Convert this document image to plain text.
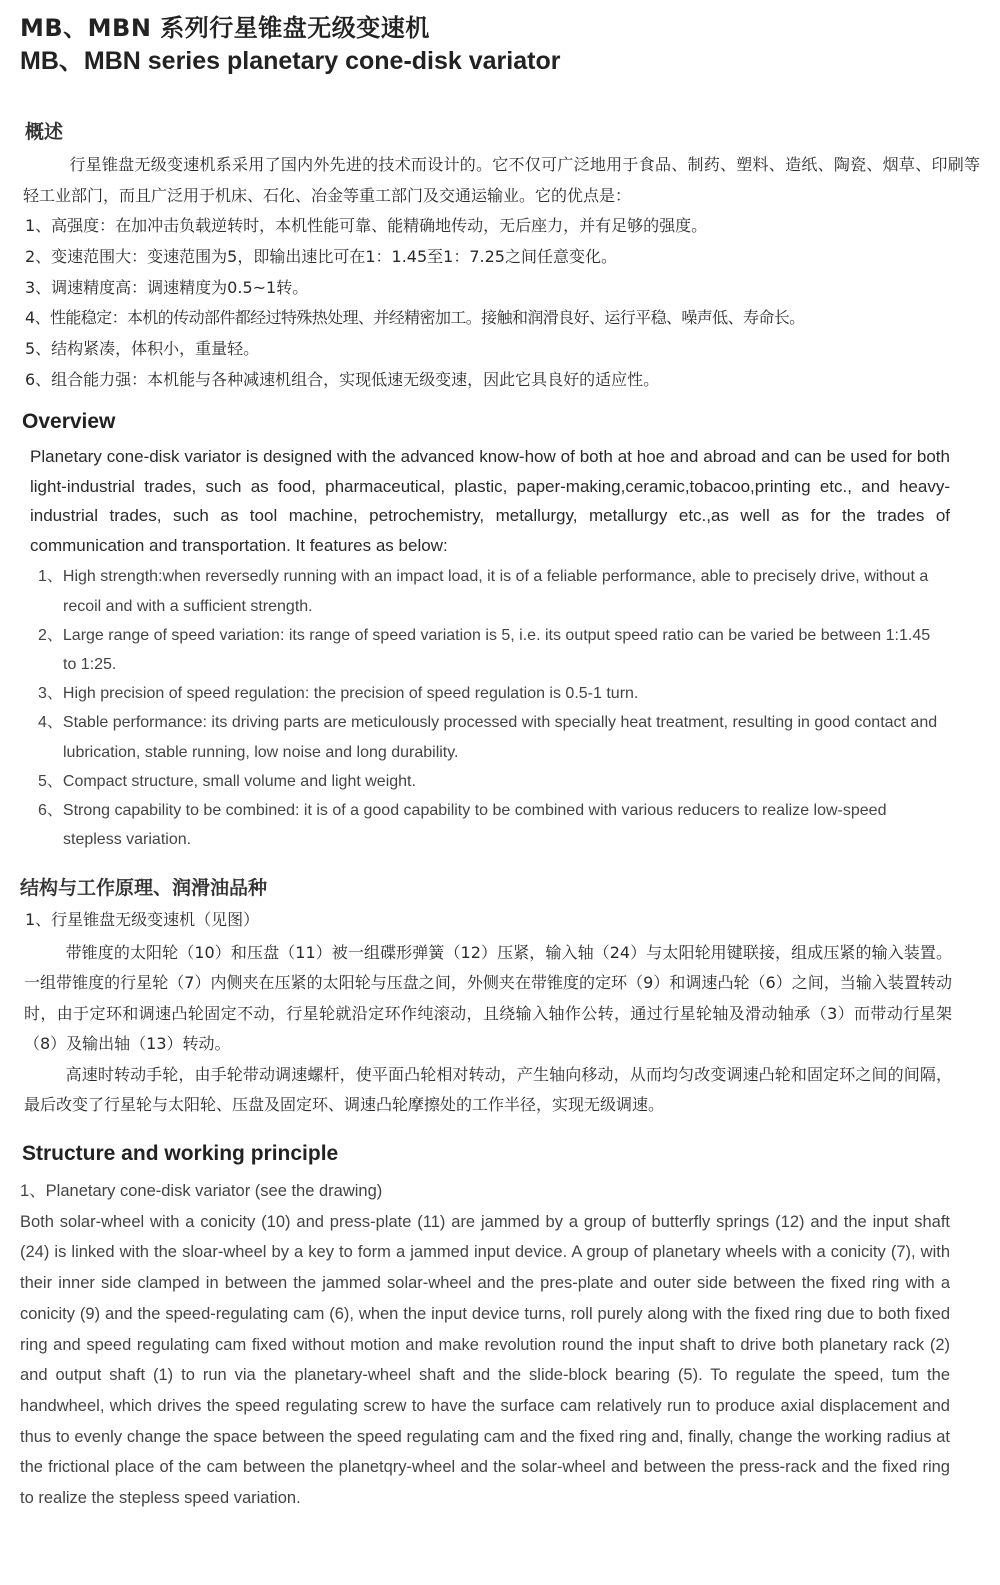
MB、MBN 系列行星锥盘无级变速机
MB、MBN series planetary cone-disk variator
概述

行星锥盘无级变速机系采用了国内外先进的技术而设计的。它不仅可广泛地用于食品、制药、塑料、造纸、陶瓷、烟草、印刷等轻工业部门，而且广泛用于机床、石化、冶金等重工部门及交通运输业。它的优点是：

1、高强度：在加冲击负载逆转时，本机性能可靠、能精确地传动，无后座力，并有足够的强度。

2、变速范围大：变速范围为5，即输出速比可在1：1.45至1：7.25之间任意变化。

3、调速精度高：调速精度为0.5~1转。

4、性能稳定：本机的传动部件都经过特殊热处理、并经精密加工。接触和润滑良好、运行平稳、噪声低、寿命长。

5、结构紧凑，体积小，重量轻。

6、组合能力强：本机能与各种减速机组合，实现低速无级变速，因此它具良好的适应性。

Overview

Planetary cone-disk variator is designed with the advanced know-how of both at hoe and abroad and can be used for both light-industrial trades, such as food, pharmaceutical, plastic, paper-making,ceramic,tobacoo,printing etc., and heavy-industrial trades, such as tool machine, petrochemistry, metallurgy, metallurgy etc.,as well as for the trades of communication and transportation. It features as below:

1、High strength:when reversedly running with an impact load, it is of a feliable performance, able to precisely drive, without a recoil and with a sufficient strength.

2、Large range of speed variation: its range of speed variation is 5, i.e. its output speed ratio can be varied be between 1:1.45 to 1:25.

3、High precision of speed regulation: the precision of speed regulation is 0.5-1 turn.

4、Stable performance: its driving parts are meticulously processed with specially heat treatment, resulting in good contact and lubrication, stable running, low noise and long durability.

5、Compact structure, small volume and light weight.

6、Strong capability to be combined: it is of a good capability to be combined with various reducers to realize low-speed stepless variation.

结构与工作原理、润滑油品种

1、行星锥盘无级变速机（见图）

带锥度的太阳轮（10）和压盘（11）被一组碟形弹簧（12）压紧，输入轴（24）与太阳轮用键联接，组成压紧的输入装置。一组带锥度的行星轮（7）内侧夹在压紧的太阳轮与压盘之间，外侧夹在带锥度的定环（9）和调速凸轮（6）之间，当输入装置转动时，由于定环和调速凸轮固定不动，行星轮就沿定环作纯滚动，且绕输入轴作公转，通过行星轮轴及滑动轴承（3）而带动行星架（8）及输出轴（13）转动。

高速时转动手轮，由手轮带动调速螺杆，使平面凸轮相对转动，产生轴向移动，从而均匀改变调速凸轮和固定环之间的间隔，最后改变了行星轮与太阳轮、压盘及固定环、调速凸轮摩擦处的工作半径，实现无级调速。

Structure and working principle

1、Planetary cone-disk variator (see the drawing)

Both solar-wheel with a conicity (10) and press-plate (11) are jammed by a group of butterfly springs (12) and the input shaft (24) is linked with the sloar-wheel by a key to form a jammed input device. A group of planetary wheels with a conicity (7), with their inner side clamped in between the jammed solar-wheel and the pres-plate and outer side between the fixed ring with a conicity (9) and the speed-regulating cam (6), when the input device turns, roll purely along with the fixed ring due to both fixed ring and speed regulating cam fixed without motion and make revolution round the input shaft to drive both planetary rack (2) and output shaft (1) to run via the planetary-wheel shaft and the slide-block bearing (5). To regulate the speed, tum the handwheel, which drives the speed regulating screw to have the surface cam relatively run to produce axial displacement and thus to evenly change the space between the speed regulating cam and the fixed ring and, finally, change the working radius at the frictional place of the cam between the planetqry-wheel and the solar-wheel and between the press-rack and the fixed ring to realize the stepless speed variation.
